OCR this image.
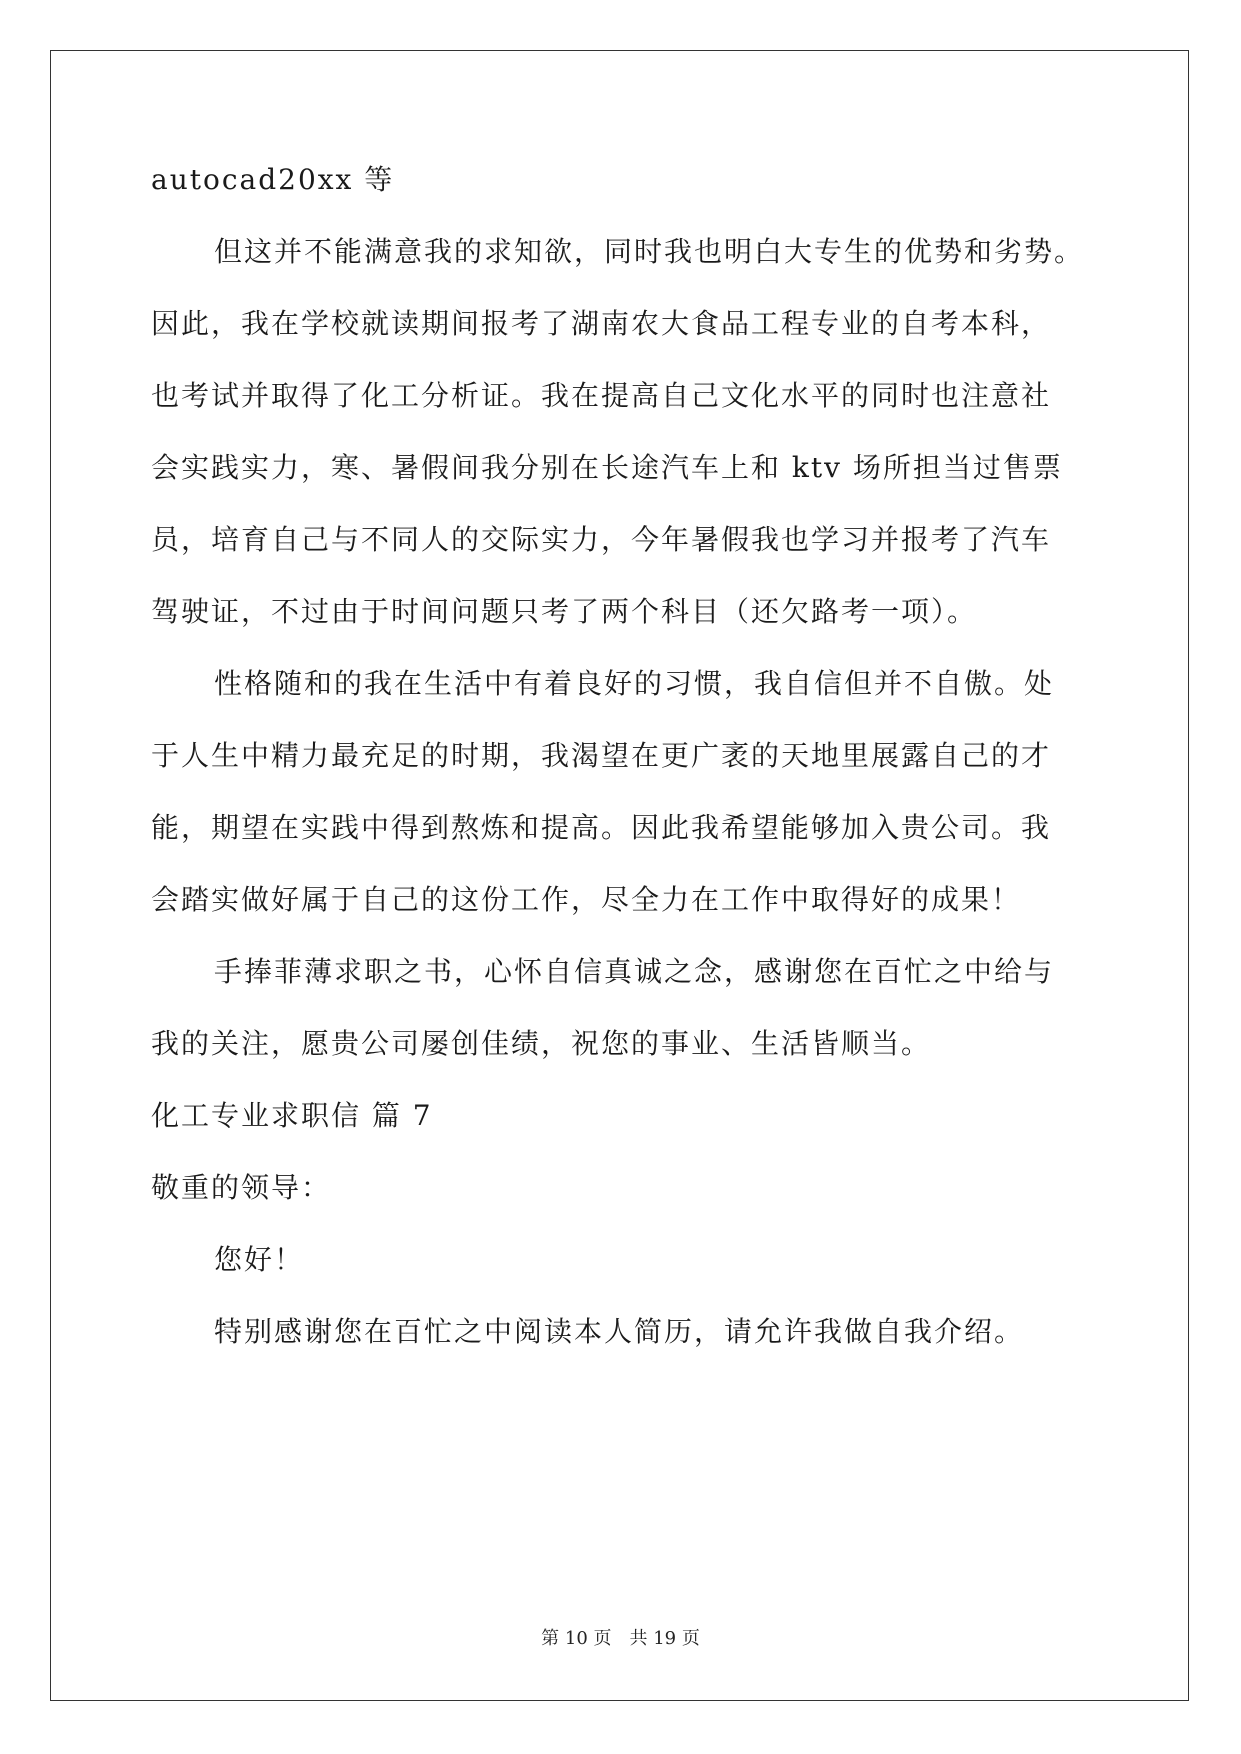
autocad20xx 等
但这并不能满意我的求知欲，同时我也明白大专生的优势和劣势。
因此，我在学校就读期间报考了湖南农大食品工程专业的自考本科，
也考试并取得了化工分析证。我在提高自己文化水平的同时也注意社
会实践实力，寒、暑假间我分别在长途汽车上和 ktv 场所担当过售票
员，培育自己与不同人的交际实力，今年暑假我也学习并报考了汽车
驾驶证，不过由于时间问题只考了两个科目（还欠路考一项）。
性格随和的我在生活中有着良好的习惯，我自信但并不自傲。处
于人生中精力最充足的时期，我渴望在更广袤的天地里展露自己的才
能，期望在实践中得到熬炼和提高。因此我希望能够加入贵公司。我
会踏实做好属于自己的这份工作，尽全力在工作中取得好的成果！
手捧菲薄求职之书，心怀自信真诚之念，感谢您在百忙之中给与
我的关注，愿贵公司屡创佳绩，祝您的事业、生活皆顺当。
化工专业求职信 篇 7
敬重的领导：
您好！
特别感谢您在百忙之中阅读本人简历，请允许我做自我介绍。
第 10 页 共 19 页
